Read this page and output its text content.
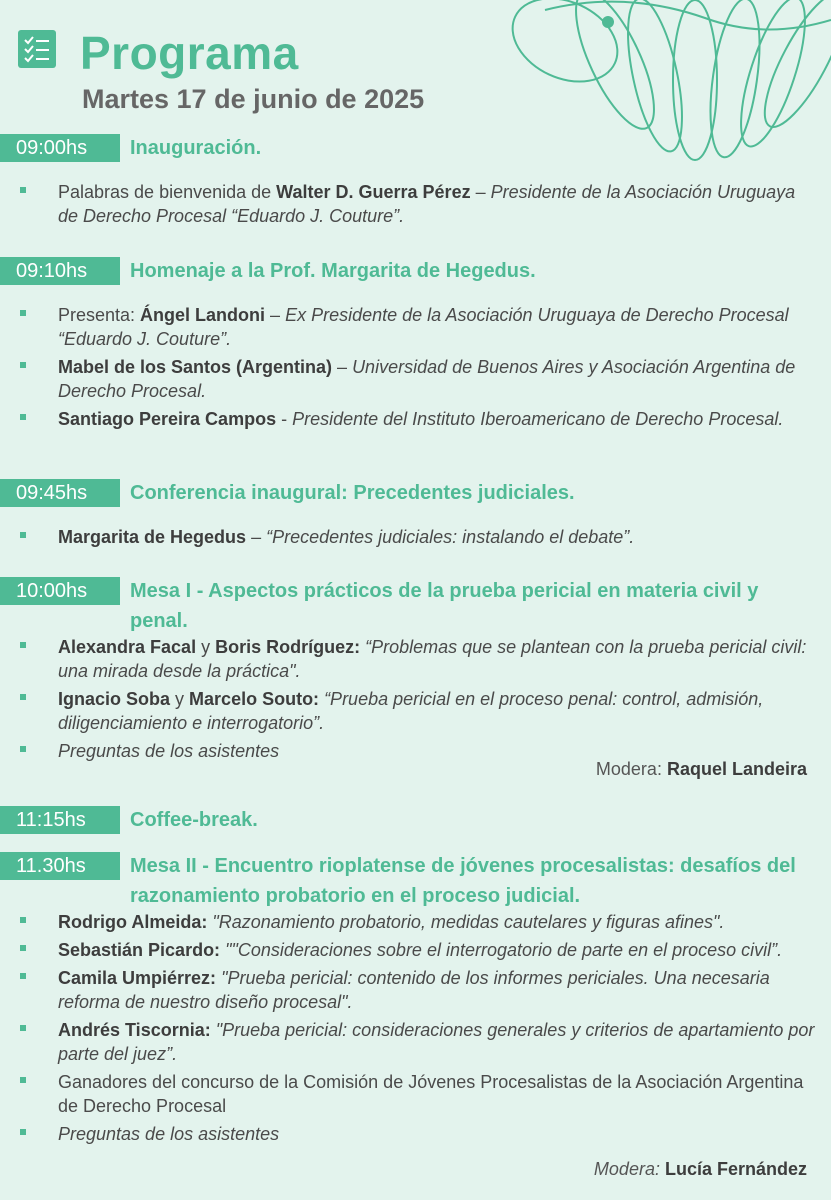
Programa
Martes 17 de junio de 2025
09:00hs	Inauguración.
Palabras de bienvenida de Walter D. Guerra Pérez – Presidente de la Asociación Uruguaya de Derecho Procesal “Eduardo J. Couture”.
09:10hs	Homenaje a la Prof. Margarita de Hegedus.
Presenta: Ángel Landoni – Ex Presidente de la Asociación Uruguaya de Derecho Procesal “Eduardo J. Couture”.
Mabel de los Santos (Argentina) – Universidad de Buenos Aires y Asociación Argentina de Derecho Procesal.
Santiago Pereira Campos - Presidente del Instituto Iberoamericano de Derecho Procesal.
09:45hs	Conferencia inaugural: Precedentes judiciales.
Margarita de Hegedus – “Precedentes judiciales: instalando el debate”.
10:00hs	Mesa I - Aspectos prácticos de la prueba pericial en materia civil y penal.
Alexandra Facal y Boris Rodríguez: “Problemas que se plantean con la prueba pericial civil: una mirada desde la práctica".
Ignacio Soba y Marcelo Souto: “Prueba pericial en el proceso penal: control, admisión, diligenciamiento e interrogatorio”.
Preguntas de los asistentes
Modera: Raquel Landeira
11:15hs	Coffee-break.
11.30hs	Mesa II - Encuentro rioplatense de jóvenes procesalistas: desafíos del razonamiento probatorio en el proceso judicial.
Rodrigo Almeida: "Razonamiento probatorio, medidas cautelares y figuras afines".
Sebastián Picardo: ""Consideraciones sobre el interrogatorio de parte en el proceso civil”.
Camila Umpiérrez: "Prueba pericial: contenido de los informes periciales. Una necesaria reforma de nuestro diseño procesal".
Andrés Tiscornia: "Prueba pericial: consideraciones generales y criterios de apartamiento por parte del juez”.
Ganadores del concurso de la Comisión de Jóvenes Procesalistas de la Asociación Argentina de Derecho Procesal
Preguntas de los asistentes
Modera: Lucía Fernández
